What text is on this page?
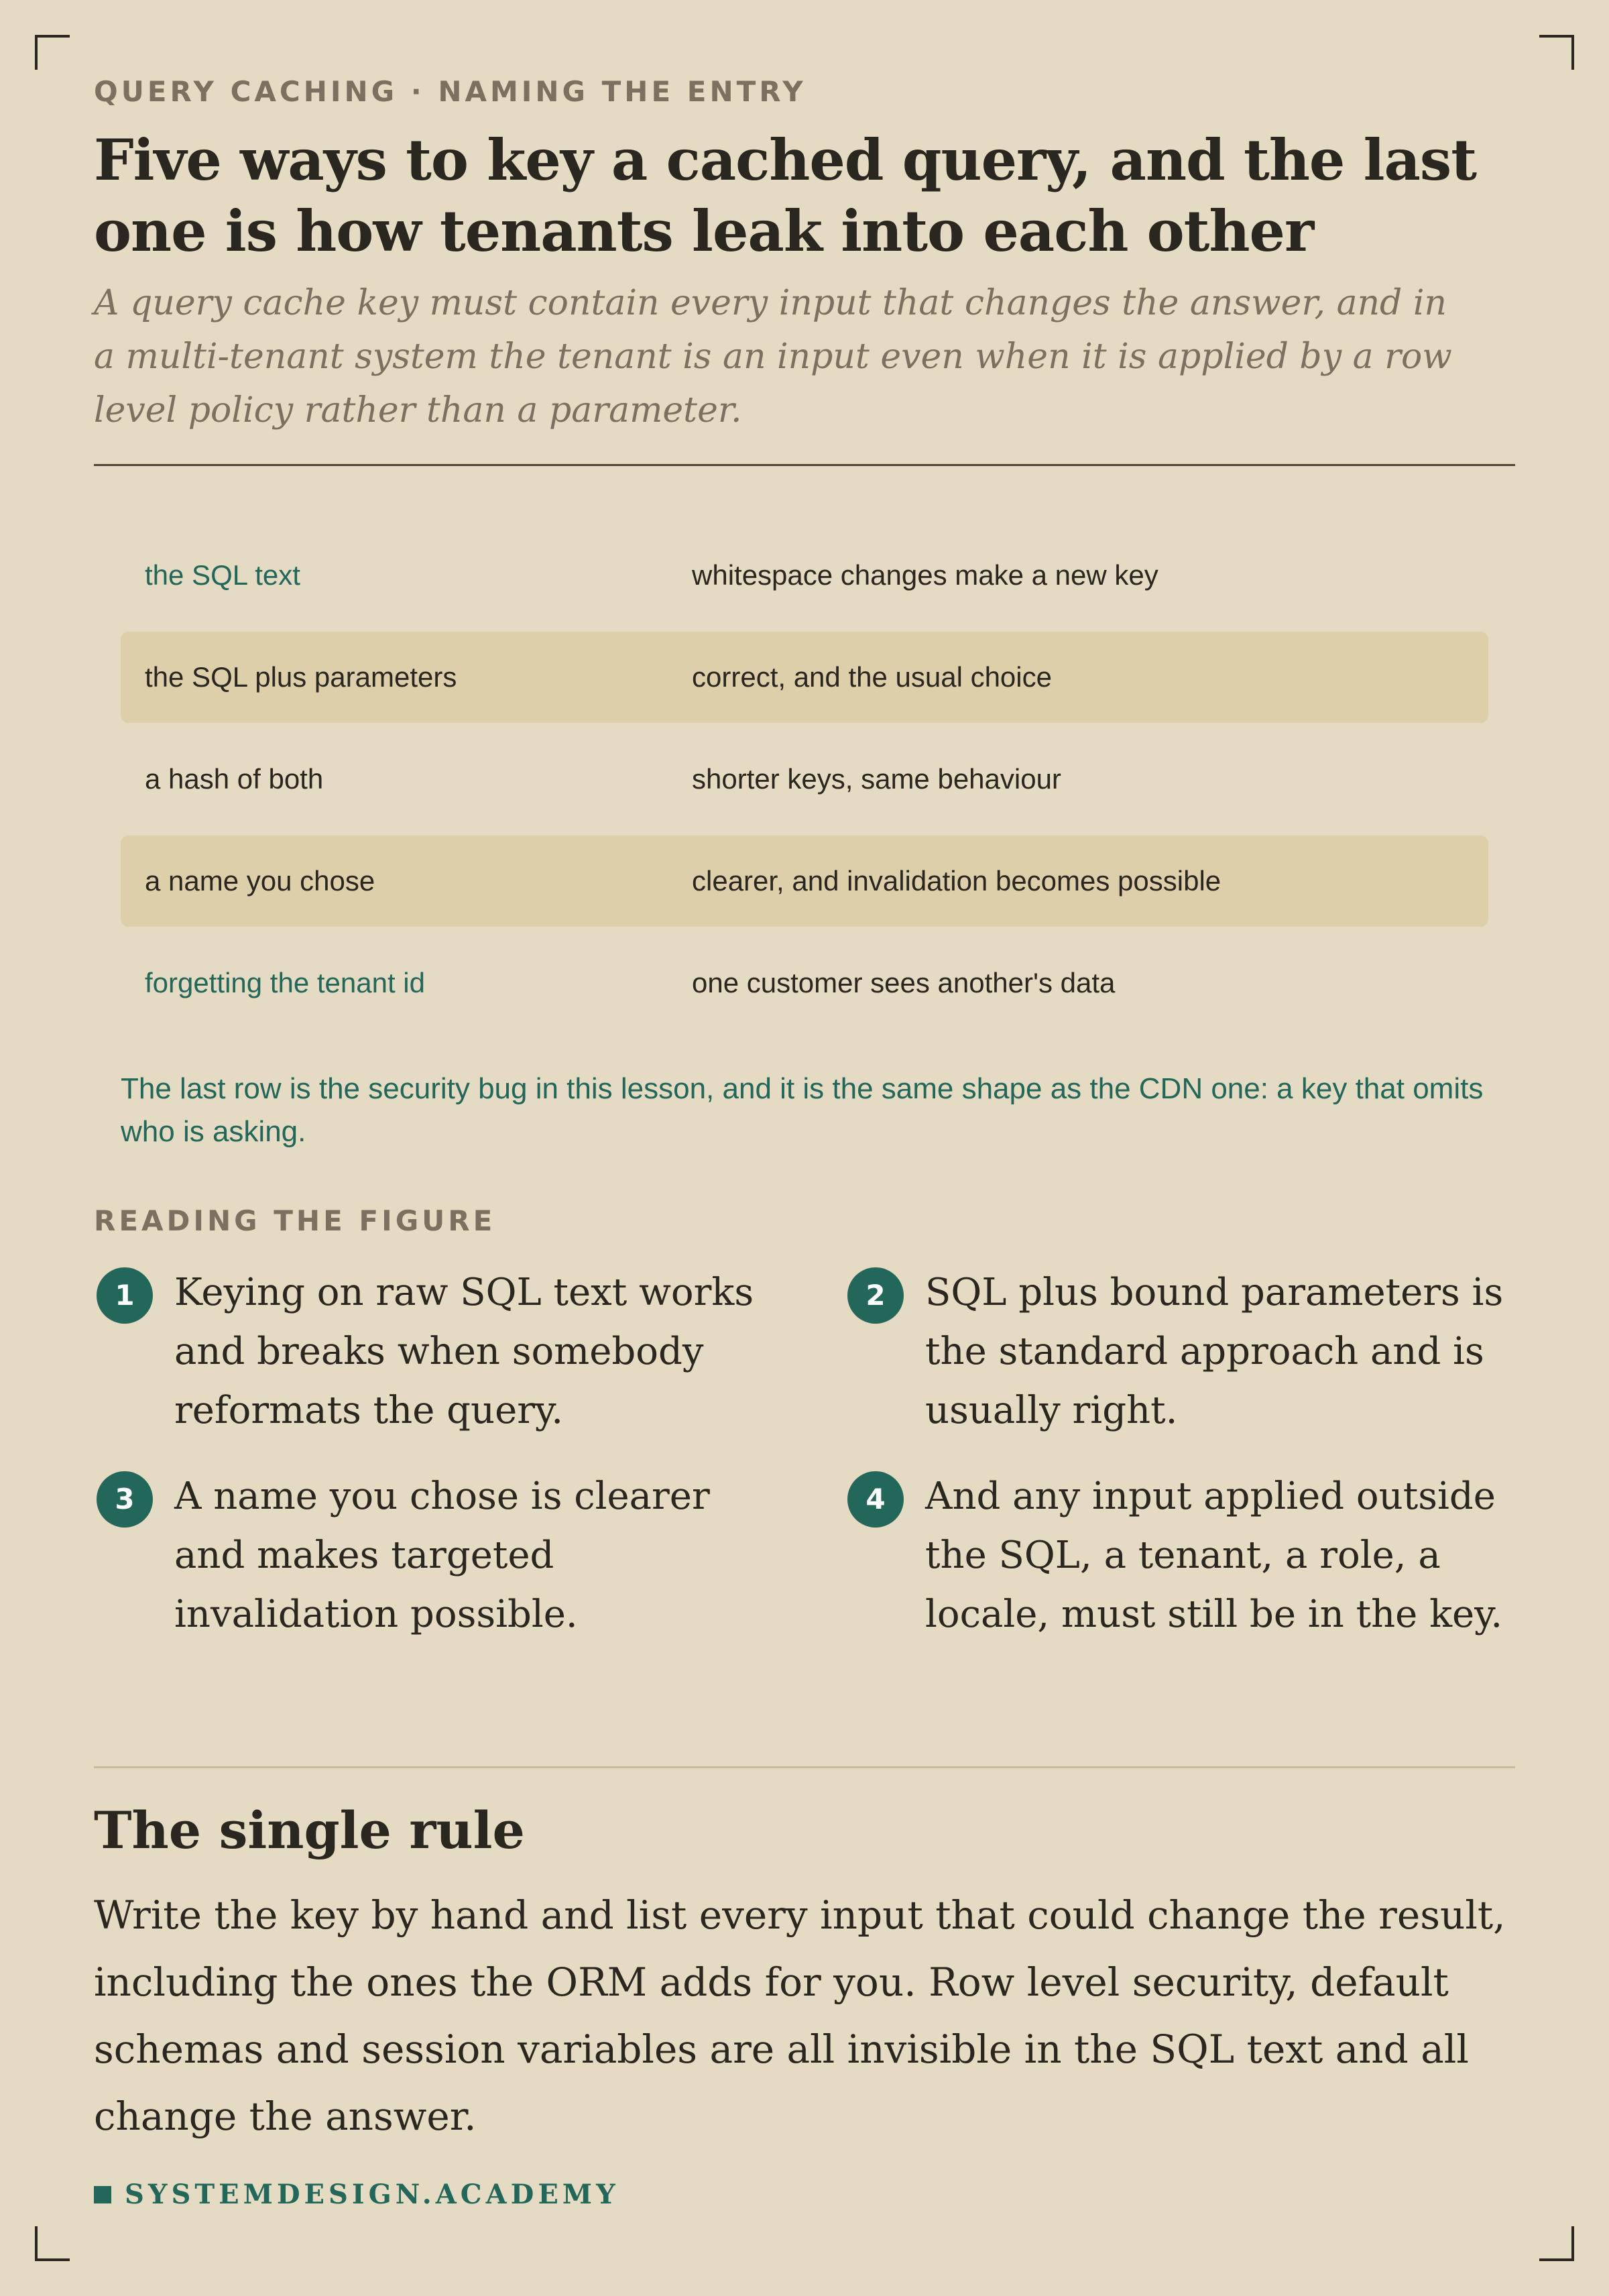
QUERY CACHING · NAMING THE ENTRY
Five ways to key a cached query, and the last one is how tenants leak into each other

A query cache key must contain every input that changes the answer, and in a multi-tenant system the tenant is an input even when it is applied by a row level policy rather than a parameter.

the SQL text	whitespace changes make a new key
the SQL plus parameters	correct, and the usual choice
a hash of both	shorter keys, same behaviour
a name you chose	clearer, and invalidation becomes possible
forgetting the tenant id	one customer sees another's data
The last row is the security bug in this lesson, and it is the same shape as the CDN one: a key that omits who is asking.
READING THE FIGURE
1	Keying on raw SQL text works and breaks when somebody reformats the query.
2	SQL plus bound parameters is the standard approach and is usually right.
3	A name you chose is clearer and makes targeted invalidation possible.
4	And any input applied outside the SQL, a tenant, a role, a locale, must still be in the key.
The single rule

Write the key by hand and list every input that could change the result, including the ones the ORM adds for you. Row level security, default schemas and session variables are all invisible in the SQL text and all change the answer.

SYSTEMDESIGN.ACADEMY
